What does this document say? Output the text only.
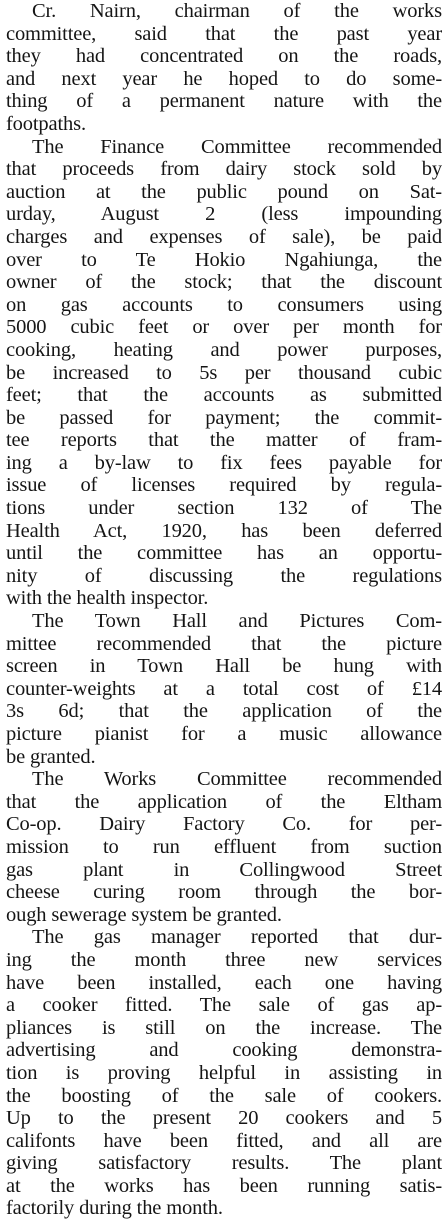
Cr. Nairn, chairman of the works
committee, said that the past year
they had concentrated on the roads,
and next year he hoped to do some-
thing of a permanent nature with the
footpaths.
The Finance Committee recommended
that proceeds from dairy stock sold by
auction at the public pound on Sat-
urday, August 2 (less impounding
charges and expenses of sale), be paid
over to Te Hokio Ngahiunga, the
owner of the stock; that the discount
on gas accounts to consumers using
5000 cubic feet or over per month for
cooking, heating and power purposes,
be increased to 5s per thousand cubic
feet; that the accounts as submitted
be passed for payment; the commit-
tee reports that the matter of fram-
ing a by-law to fix fees payable for
issue of licenses required by regula-
tions under section 132 of The
Health Act, 1920, has been deferred
until the committee has an opportu-
nity of discussing the regulations
with the health inspector.
The Town Hall and Pictures Com-
mittee recommended that the picture
screen in Town Hall be hung with
counter-weights at a total cost of £14
3s 6d; that the application of the
picture pianist for a music allowance
be granted.
The Works Committee recommended
that the application of the Eltham
Co-op. Dairy Factory Co. for per-
mission to run effluent from suction
gas plant in Collingwood Street
cheese curing room through the bor-
ough sewerage system be granted.
The gas manager reported that dur-
ing the month three new services
have been installed, each one having
a cooker fitted. The sale of gas ap-
pliances is still on the increase. The
advertising and cooking demonstra-
tion is proving helpful in assisting in
the boosting of the sale of cookers.
Up to the present 20 cookers and 5
califonts have been fitted, and all are
giving satisfactory results. The plant
at the works has been running satis-
factorily during the month.
